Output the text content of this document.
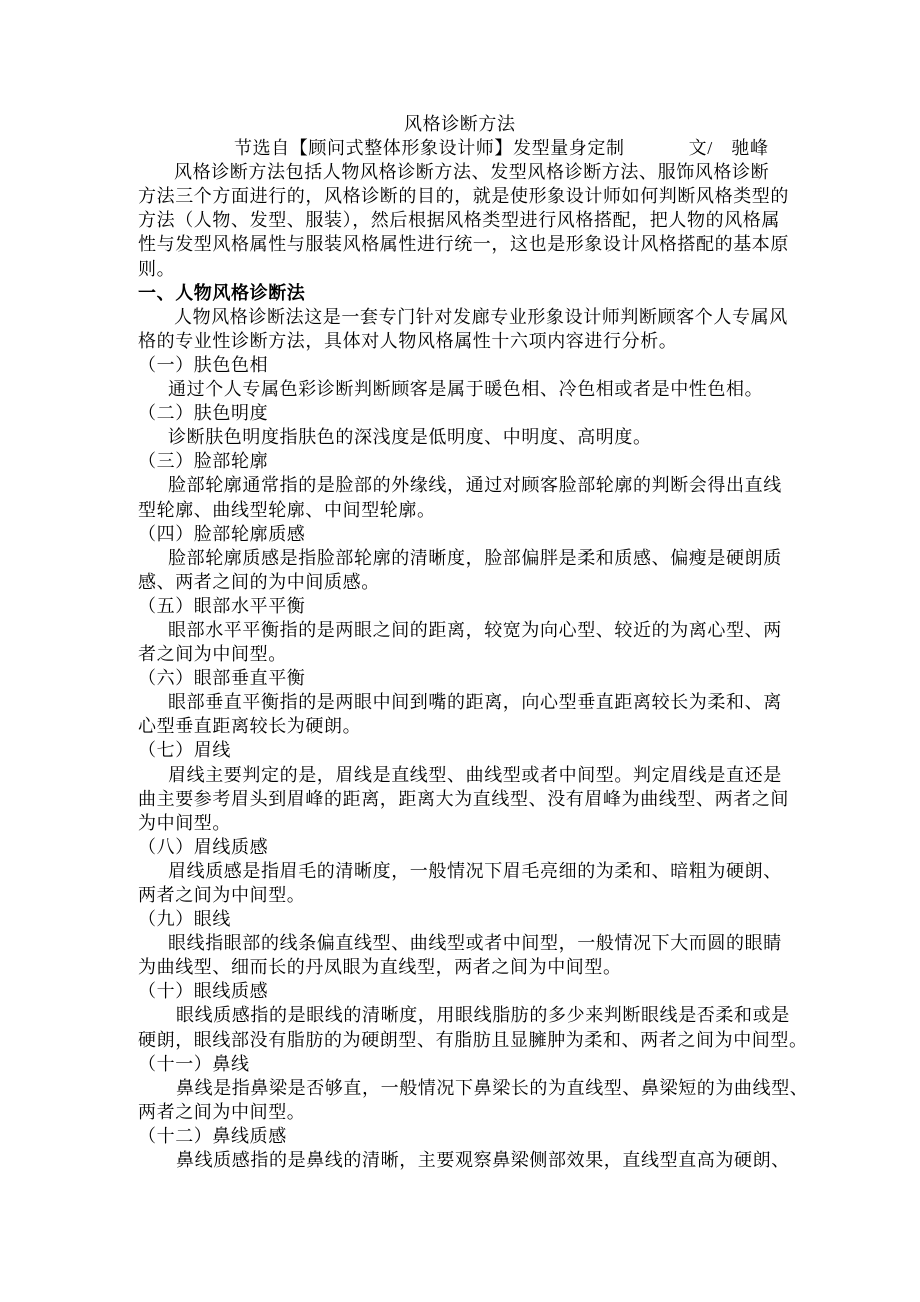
风格诊断方法
节选自【顾问式整体形象设计师】发型量身定制	文/　驰峰
风格诊断方法包括人物风格诊断方法、发型风格诊断方法、服饰风格诊断
方法三个方面进行的，风格诊断的目的，就是使形象设计师如何判断风格类型的
方法（人物、发型、服装），然后根据风格类型进行风格搭配，把人物的风格属
性与发型风格属性与服装风格属性进行统一，这也是形象设计风格搭配的基本原
则。
一、人物风格诊断法
人物风格诊断法这是一套专门针对发廊专业形象设计师判断顾客个人专属风
格的专业性诊断方法，具体对人物风格属性十六项内容进行分析。
（一）肤色色相
通过个人专属色彩诊断判断顾客是属于暖色相、冷色相或者是中性色相。
（二）肤色明度
诊断肤色明度指肤色的深浅度是低明度、中明度、高明度。
（三）脸部轮廓
脸部轮廓通常指的是脸部的外缘线，通过对顾客脸部轮廓的判断会得出直线
型轮廓、曲线型轮廓、中间型轮廓。
（四）脸部轮廓质感
脸部轮廓质感是指脸部轮廓的清晰度，脸部偏胖是柔和质感、偏瘦是硬朗质
感、两者之间的为中间质感。
（五）眼部水平平衡
眼部水平平衡指的是两眼之间的距离，较宽为向心型、较近的为离心型、两
者之间为中间型。
（六）眼部垂直平衡
眼部垂直平衡指的是两眼中间到嘴的距离，向心型垂直距离较长为柔和、离
心型垂直距离较长为硬朗。
（七）眉线
眉线主要判定的是，眉线是直线型、曲线型或者中间型。判定眉线是直还是
曲主要参考眉头到眉峰的距离，距离大为直线型、没有眉峰为曲线型、两者之间
为中间型。
（八）眉线质感
眉线质感是指眉毛的清晰度，一般情况下眉毛亮细的为柔和、暗粗为硬朗、
两者之间为中间型。
（九）眼线
眼线指眼部的线条偏直线型、曲线型或者中间型，一般情况下大而圆的眼睛
为曲线型、细而长的丹凤眼为直线型，两者之间为中间型。
（十）眼线质感
眼线质感指的是眼线的清晰度，用眼线脂肪的多少来判断眼线是否柔和或是
硬朗，眼线部没有脂肪的为硬朗型、有脂肪且显臃肿为柔和、两者之间为中间型。
（十一）鼻线
鼻线是指鼻梁是否够直，一般情况下鼻梁长的为直线型、鼻梁短的为曲线型、
两者之间为中间型。
（十二）鼻线质感
鼻线质感指的是鼻线的清晰，主要观察鼻梁侧部效果，直线型直高为硬朗、
